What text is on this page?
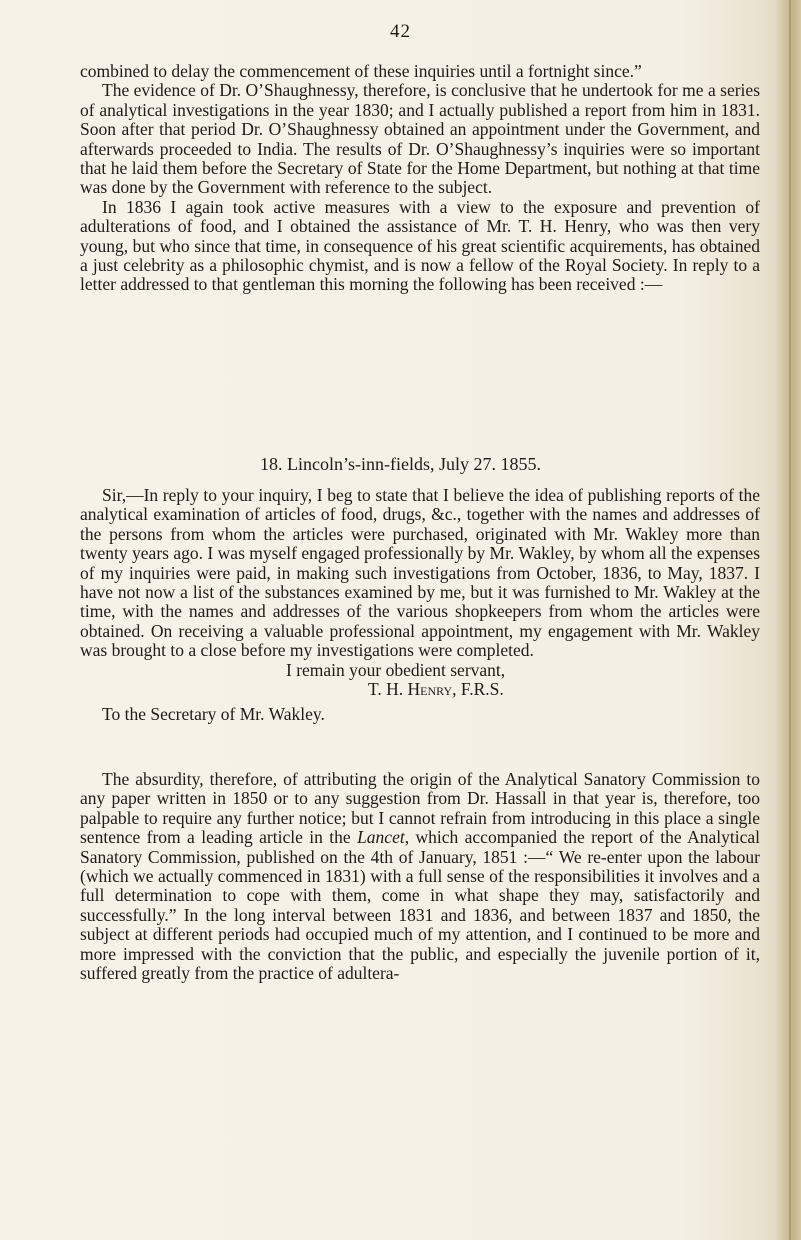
42

combined to delay the commencement of these inquiries until a fortnight since.”

The evidence of Dr. O’Shaughnessy, therefore, is conclusive that he undertook for me a series of analytical investigations in the year 1830; and I actually published a report from him in 1831. Soon after that period Dr. O’Shaughnessy obtained an appointment under the Government, and afterwards proceeded to India. The results of Dr. O’Shaughnessy’s inquiries were so important that he laid them before the Secretary of State for the Home Department, but nothing at that time was done by the Government with reference to the subject.

In 1836 I again took active measures with a view to the exposure and prevention of adulterations of food, and I obtained the assistance of Mr. T. H. Henry, who was then very young, but who since that time, in consequence of his great scientific acquirements, has obtained a just celebrity as a philosophic chymist, and is now a fellow of the Royal Society. In reply to a letter addressed to that gentleman this morning the following has been received :—

18. Lincoln’s-inn-fields, July 27. 1855.

Sir,—In reply to your inquiry, I beg to state that I believe the idea of publishing reports of the analytical examination of articles of food, drugs, &c., together with the names and addresses of the persons from whom the articles were purchased, originated with Mr. Wakley more than twenty years ago. I was myself engaged professionally by Mr. Wakley, by whom all the expenses of my inquiries were paid, in making such investigations from October, 1836, to May, 1837. I have not now a list of the substances examined by me, but it was furnished to Mr. Wakley at the time, with the names and addresses of the various shopkeepers from whom the articles were obtained. On receiving a valuable professional appointment, my engagement with Mr. Wakley was brought to a close before my investigations were completed.

I remain your obedient servant,

T. H. Henry, F.R.S.

To the Secretary of Mr. Wakley.

The absurdity, therefore, of attributing the origin of the Analytical Sanatory Commission to any paper written in 1850 or to any suggestion from Dr. Hassall in that year is, therefore, too palpable to require any further notice; but I cannot refrain from introducing in this place a single sentence from a leading article in the Lancet, which accompanied the report of the Analytical Sanatory Commission, published on the 4th of January, 1851 :—“ We re-enter upon the labour (which we actually commenced in 1831) with a full sense of the responsibilities it involves and a full determination to cope with them, come in what shape they may, satisfactorily and successfully.” In the long interval between 1831 and 1836, and between 1837 and 1850, the subject at different periods had occupied much of my attention, and I continued to be more and more impressed with the conviction that the public, and especially the juvenile portion of it, suffered greatly from the practice of adultera-
